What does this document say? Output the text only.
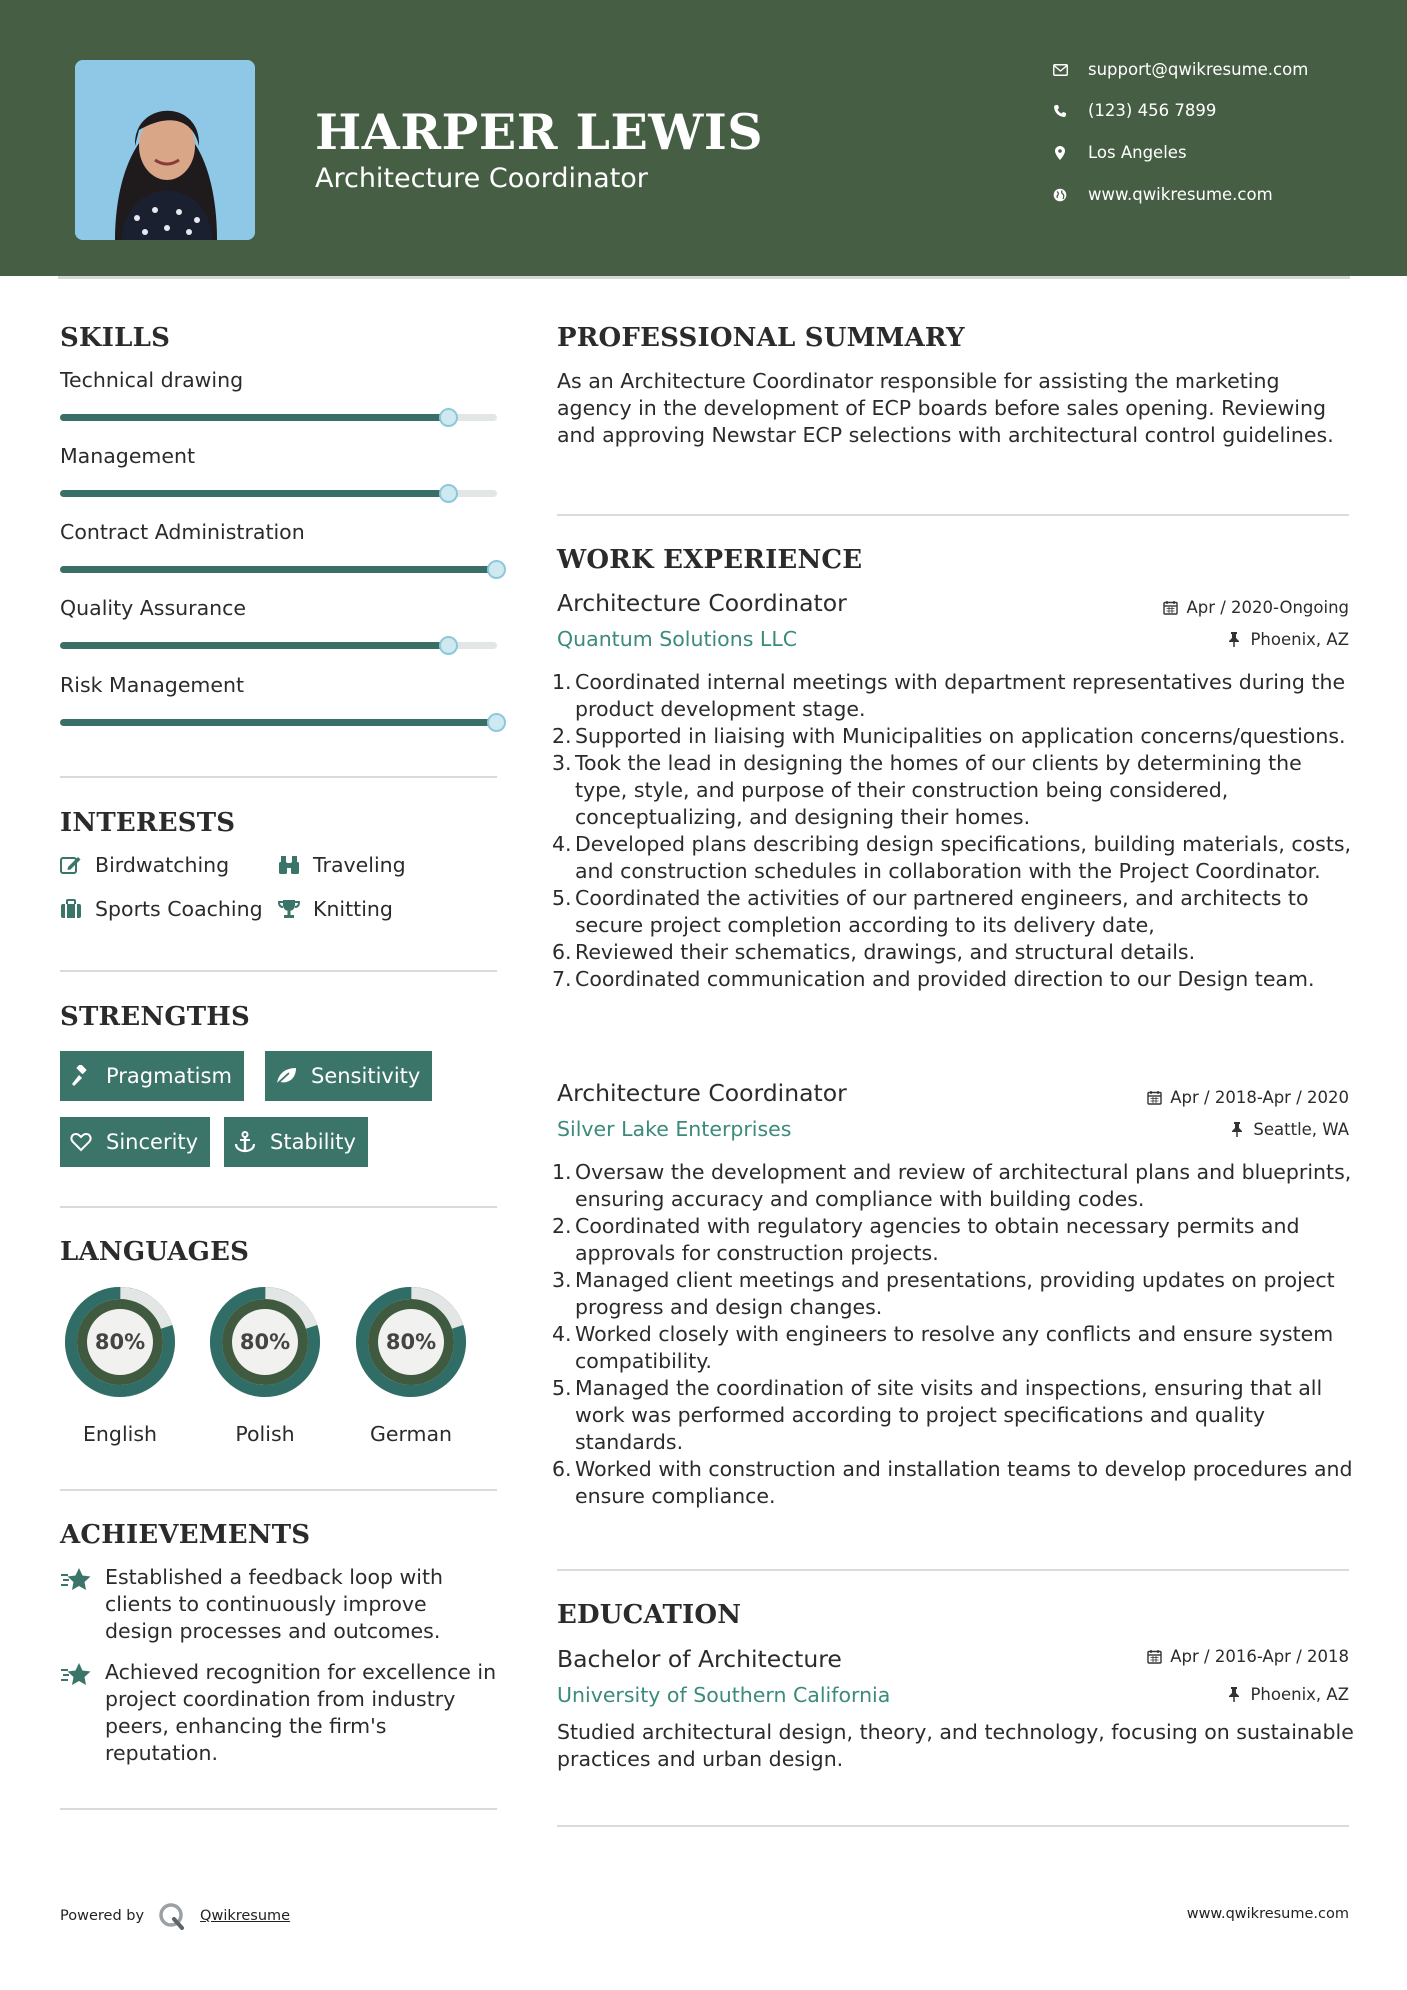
HARPER LEWIS
Architecture Coordinator
support@qwikresume.com
(123) 456 7899
Los Angeles
www.qwikresume.com
SKILLS
Technical drawing
Management
Contract Administration
Quality Assurance
Risk Management
INTERESTS
Birdwatching	Traveling
Sports Coaching Knitting
STRENGTHS
Pragmatism	Sensitivity
Sincerity	Stability
LANGUAGES
80%
English
80%
Polish
80%
German
ACHIEVEMENTS
Established a feedback loop with clients to continuously improve design processes and outcomes.
Achieved recognition for excellence in project coordination from industry peers, enhancing the firm's reputation.
PROFESSIONAL SUMMARY
As an Architecture Coordinator responsible for assisting the marketing agency in the development of ECP boards before sales opening. Reviewing and approving Newstar ECP selections with architectural control guidelines.
WORK EXPERIENCE
Architecture Coordinator	Apr / 2020-Ongoing
Quantum Solutions LLC	Phoenix, AZ
1. Coordinated internal meetings with department representatives during the product development stage.
2. Supported in liaising with Municipalities on application concerns/questions.
3. Took the lead in designing the homes of our clients by determining the type, style, and purpose of their construction being considered, conceptualizing, and designing their homes.
4. Developed plans describing design specifications, building materials, costs, and construction schedules in collaboration with the Project Coordinator.
5. Coordinated the activities of our partnered engineers, and architects to secure project completion according to its delivery date,
6. Reviewed their schematics, drawings, and structural details.
7. Coordinated communication and provided direction to our Design team.
Architecture Coordinator	Apr / 2018-Apr / 2020
Silver Lake Enterprises	Seattle, WA
1. Oversaw the development and review of architectural plans and blueprints, ensuring accuracy and compliance with building codes.
2. Coordinated with regulatory agencies to obtain necessary permits and approvals for construction projects.
3. Managed client meetings and presentations, providing updates on project progress and design changes.
4. Worked closely with engineers to resolve any conflicts and ensure system compatibility.
5. Managed the coordination of site visits and inspections, ensuring that all work was performed according to project specifications and quality standards.
6. Worked with construction and installation teams to develop procedures and ensure compliance.
EDUCATION
Bachelor of Architecture	Apr / 2016-Apr / 2018
University of Southern California	Phoenix, AZ
Studied architectural design, theory, and technology, focusing on sustainable practices and urban design.
Powered by	Qwikresume	www.qwikresume.com
